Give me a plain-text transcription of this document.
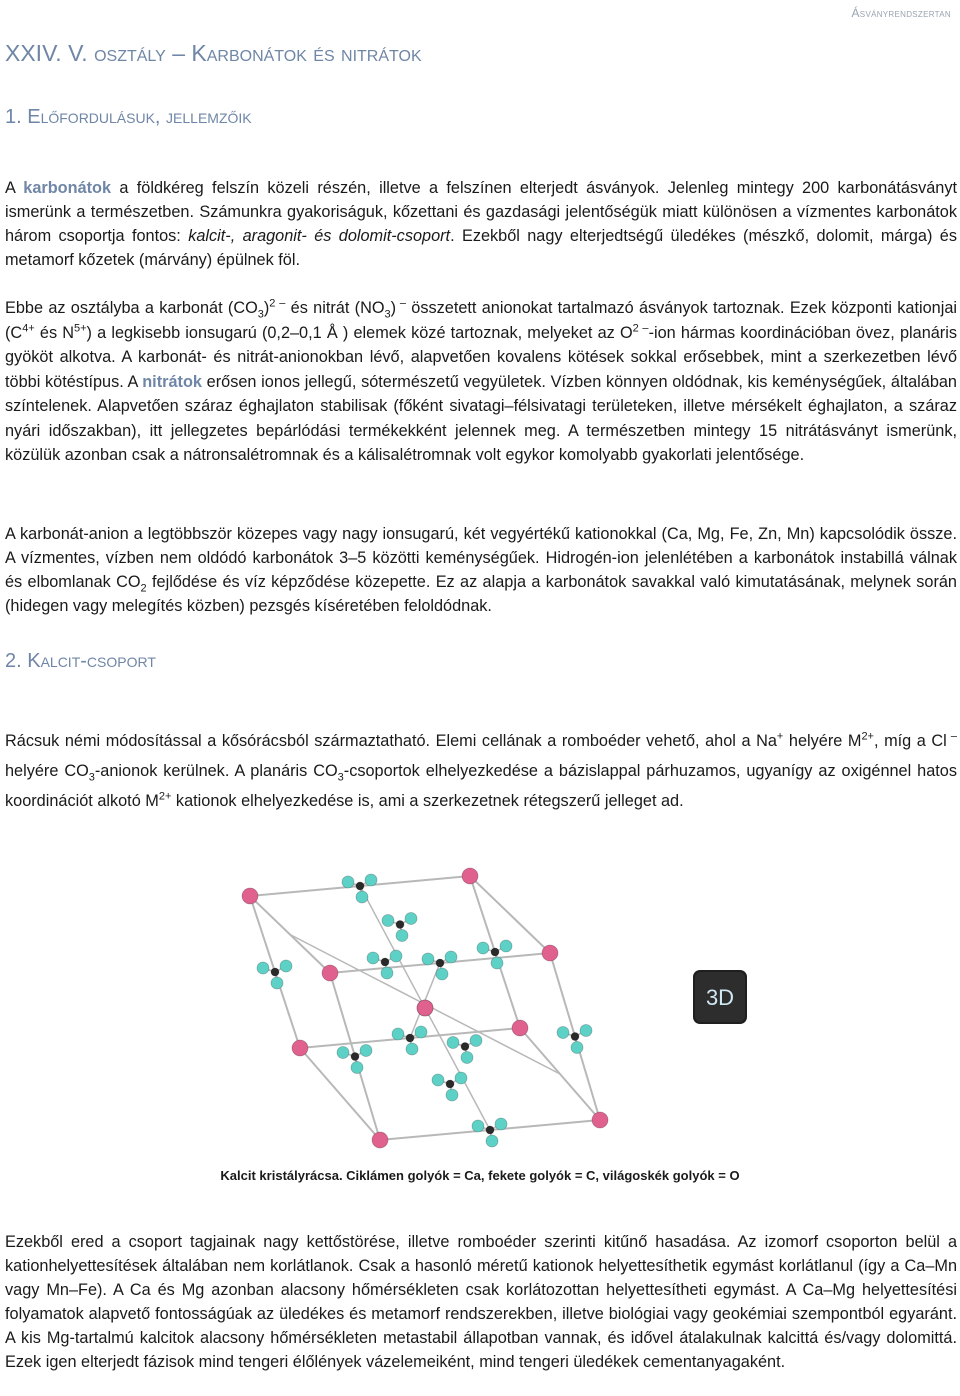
Ásványrendszertan
XXIV. V. osztály – Karbonátok és nitrátok
1. Előfordulásuk, jellemzőik

A karbonátok a földkéreg felszín közeli részén, illetve a felszínen elterjedt ásványok. Jelenleg mintegy 200 karbonátásványt ismerünk a természetben. Számunkra gyakoriságuk, kőzettani és gazdasági jelentőségük miatt különösen a vízmentes karbonátok három csoportja fontos: kalcit-, aragonit- és dolomit-csoport. Ezekből nagy elterjedtségű üledékes (mészkő, dolomit, márga) és metamorf kőzetek (márvány) épülnek föl.

Ebbe az osztályba a karbonát $(CO_3)^{2 -}$ és nitrát $(NO_3)$ – összetett anionokat tartalmazó ásványok tartoznak. Ezek központi kationjai ($C^{4+}$ és $N^{5+}$) a legkisebb ionsugarú (0,2–0,1 Å ) elemek közé tartoznak, melyeket az $O^{2 -}$-ion hármas koordinációban övez, planáris gyököt alkotva. A karbonát- és nitrát-anionokban lévő, alapvetően kovalens kötések sokkal erősebbek, mint a szerkezetben lévő többi kötéstípus. A nitrátok erősen ionos jellegű, sótermészetű vegyületek. Vízben könnyen oldódnak, kis keménységűek, általában színtelenek. Alapvetően száraz éghajlaton stabilisak (főként sivatagi–félsivatagi területeken, illetve mérsékelt éghajlaton, a száraz nyári időszakban), itt jellegzetes bepárlódási termékekként jelennek meg. A természetben mintegy 15 nitrátásványt ismerünk, közülük azonban csak a nátronsalétromnak és a kálisalétromnak volt egykor komolyabb gyakorlati jelentősége.

A karbonát-anion a legtöbbször közepes vagy nagy ionsugarú, két vegyértékű kationokkal (Ca, Mg, Fe, Zn, Mn) kapcsolódik össze. A vízmentes, vízben nem oldódó karbonátok 3–5 közötti keménységűek. Hidrogén-ion jelenlétében a karbonátok instabillá válnak és elbomlanak $CO_2$ fejlődése és víz képződése közepette. Ez az alapja a karbonátok savakkal való kimutatásának, melynek során (hidegen vagy melegítés közben) pezsgés kíséretében feloldódnak.

2. Kalcit-csoport

Rácsuk némi módosítással a kősórácsból származtatható. Elemi cellának a romboéder vehető, ahol a Na+ helyére $M^{2+}$, míg a Cl – helyére $CO_3$-anionok kerülnek. A planáris $CO_3$-csoportok elhelyezkedése a bázislappal párhuzamos, ugyanígy az oxigénnel hatos koordinációt alkotó $M^{2+}$ kationok elhelyezkedése is, ami a szerkezetnek rétegszerű jelleget ad.

3D
Kalcit kristályrácsa. Ciklámen golyók = Ca, fekete golyók = C, világoskék golyók = O

Ezekből ered a csoport tagjainak nagy kettőstörése, illetve romboéder szerinti kitűnő hasadása. Az izomorf csoporton belül a kationhelyettesítések általában nem korlátlanok. Csak a hasonló méretű kationok helyettesíthetik egymást korlátlanul (így a Ca–Mn vagy Mn–Fe). A Ca és Mg azonban alacsony hőmérsékleten csak korlátozottan helyettesítheti egymást. A Ca–Mg helyettesítési folyamatok alapvető fontosságúak az üledékes és metamorf rendszerekben, illetve biológiai vagy geokémiai szempontból egyaránt. A kis Mg-tartalmú kalcitok alacsony hőmérsékleten metastabil állapotban vannak, és idővel átalakulnak kalcittá és/vagy dolomittá. Ezek igen elterjedt fázisok mind tengeri élőlények vázelemeiként, mind tengeri üledékek cementanyagaként.
